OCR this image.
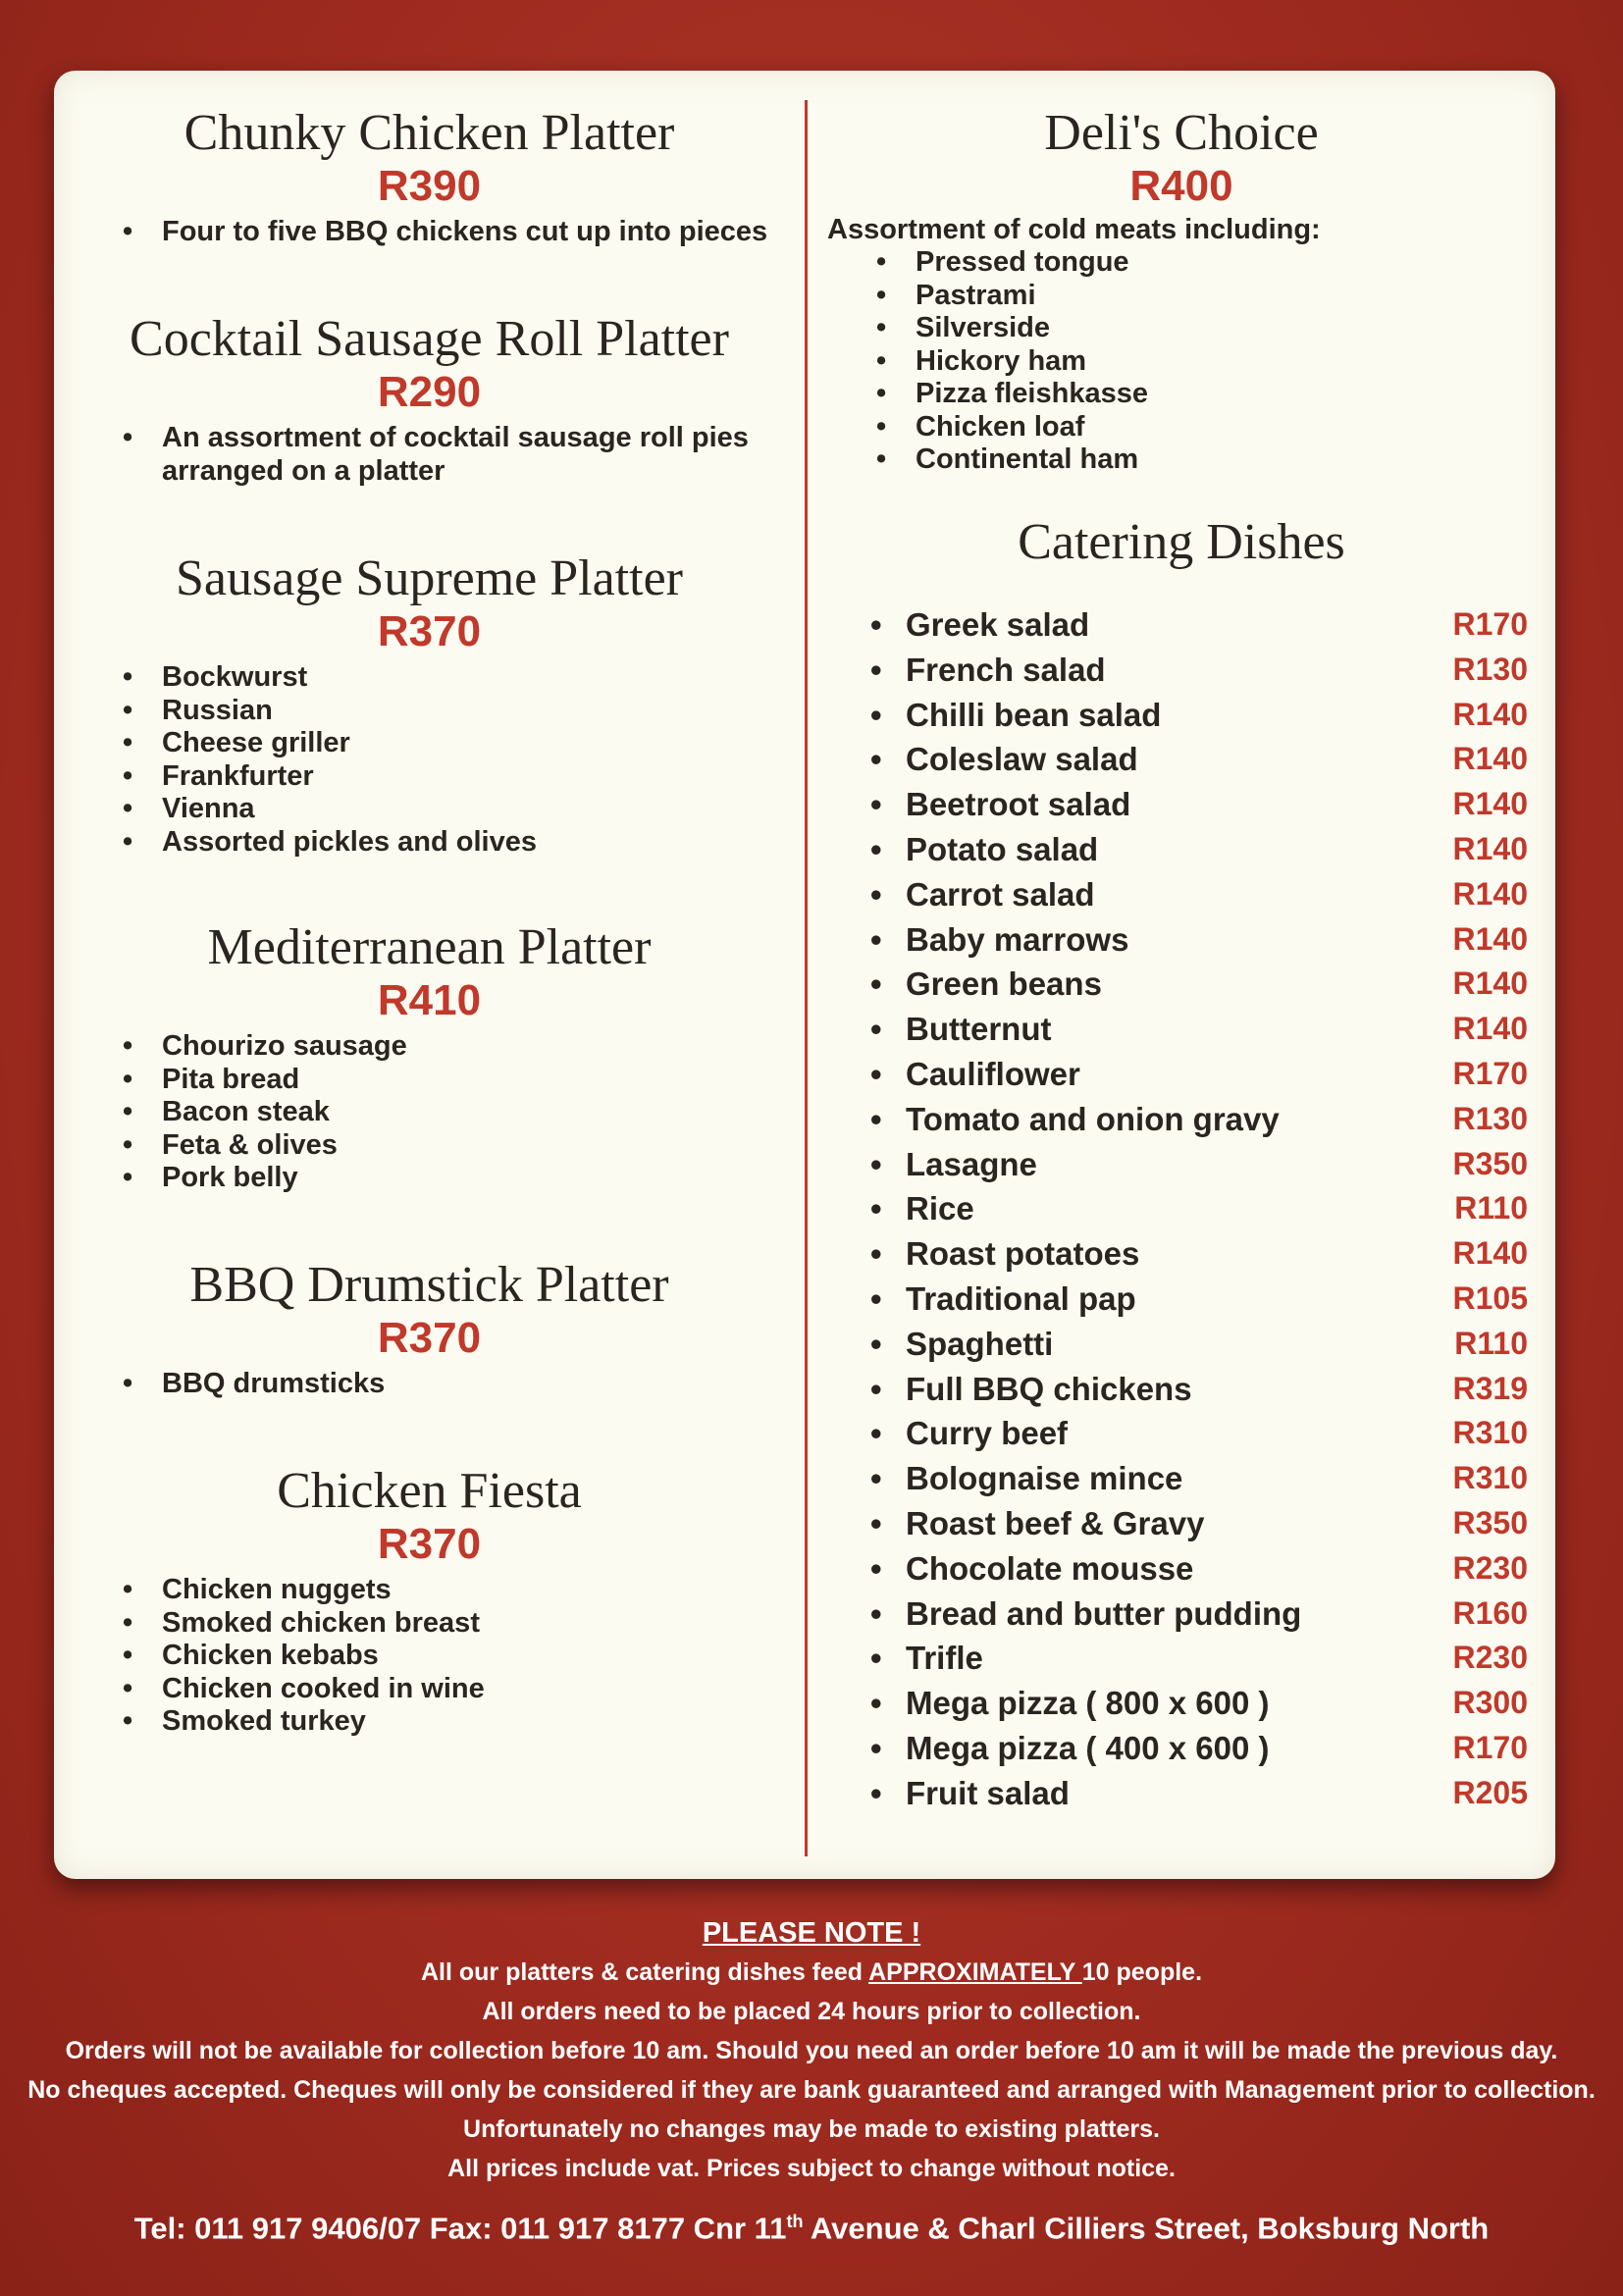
Chunky Chicken Platter
R390
• Four to five BBQ chickens cut up into pieces
Cocktail Sausage Roll Platter
R290
• An assortment of cocktail sausage roll pies arranged on a platter
Sausage Supreme Platter
R370
• Bockwurst
• Russian
• Cheese griller
• Frankfurter
• Vienna
• Assorted pickles and olives
Mediterranean Platter
R410
• Chourizo sausage
• Pita bread
• Bacon steak
• Feta & olives
• Pork belly
BBQ Drumstick Platter
R370
• BBQ drumsticks
Chicken Fiesta
R370
• Chicken nuggets
• Smoked chicken breast
• Chicken kebabs
• Chicken cooked in wine
• Smoked turkey
Deli's Choice
R400
Assortment of cold meats including:
• Pressed tongue
• Pastrami
• Silverside
• Hickory ham
• Pizza fleishkasse
• Chicken loaf
• Continental ham
Catering Dishes
• Greek salad	R170
• French salad	R130
• Chilli bean salad	R140
• Coleslaw salad	R140
• Beetroot salad	R140
• Potato salad	R140
• Carrot salad	R140
• Baby marrows	R140
• Green beans	R140
• Butternut	R140
• Cauliflower	R170
• Tomato and onion gravy	R130
• Lasagne	R350
• Rice	R110
• Roast potatoes	R140
• Traditional pap	R105
• Spaghetti	R110
• Full BBQ chickens	R319
• Curry beef	R310
• Bolognaise mince	R310
• Roast beef & Gravy	R350
• Chocolate mousse	R230
• Bread and butter pudding	R160
• Trifle	R230
• Mega pizza ( 800 x 600 )	R300
• Mega pizza ( 400 x 600 )	R170
• Fruit salad	R205
PLEASE NOTE !
All our platters & catering dishes feed APPROXIMATELY 10 people.
All orders need to be placed 24 hours prior to collection.
Orders will not be available for collection before 10 am. Should you need an order before 10 am it will be made the previous day.
No cheques accepted. Cheques will only be considered if they are bank guaranteed and arranged with Management prior to collection.
Unfortunately no changes may be made to existing platters.
All prices include vat. Prices subject to change without notice.
Tel: 011 917 9406/07 Fax: 011 917 8177 Cnr 11th Avenue & Charl Cilliers Street, Boksburg North
